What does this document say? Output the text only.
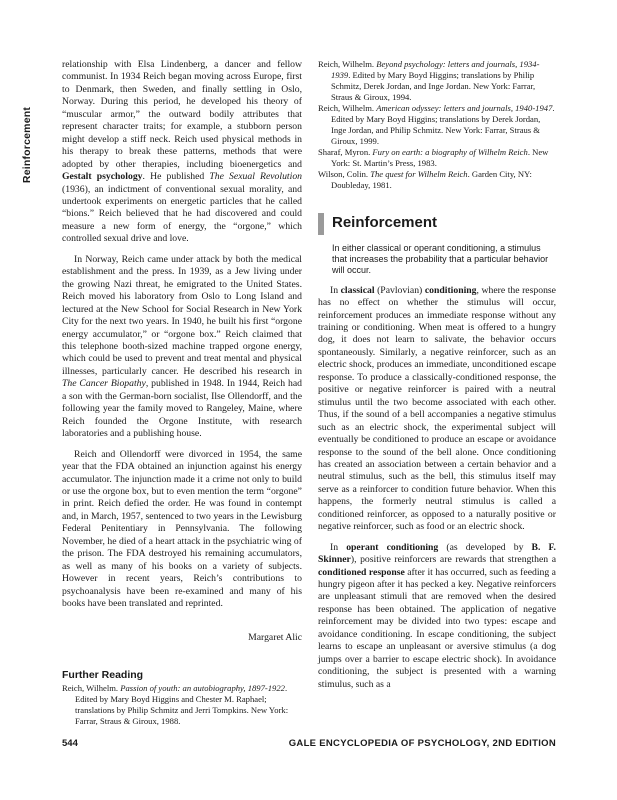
Reinforcement

relationship with Elsa Lindenberg, a dancer and fellow communist. In 1934 Reich began moving across Europe, first to Denmark, then Sweden, and finally settling in Oslo, Norway. During this period, he developed his theory of “muscular armor,” the outward bodily attributes that represent character traits; for example, a stubborn person might develop a stiff neck. Reich used physical methods in his therapy to break these patterns, methods that were adopted by other therapies, including bioenergetics and Gestalt psychology. He published The Sexual Revolution (1936), an indictment of conventional sexual morality, and undertook experiments on energetic particles that he called “bions.” Reich believed that he had discovered and could measure a new form of energy, the “orgone,” which controlled sexual drive and love.

In Norway, Reich came under attack by both the medical establishment and the press. In 1939, as a Jew living under the growing Nazi threat, he emigrated to the United States. Reich moved his laboratory from Oslo to Long Island and lectured at the New School for Social Research in New York City for the next two years. In 1940, he built his first “orgone energy accumulator,” or “orgone box.” Reich claimed that this telephone booth-sized machine trapped orgone energy, which could be used to prevent and treat mental and physical illnesses, particularly cancer. He described his research in The Cancer Biopathy, published in 1948. In 1944, Reich had a son with the German-born socialist, Ilse Ollendorff, and the following year the family moved to Rangeley, Maine, where Reich founded the Orgone Institute, with research laboratories and a publishing house.

Reich and Ollendorff were divorced in 1954, the same year that the FDA obtained an injunction against his energy accumulator. The injunction made it a crime not only to build or use the orgone box, but to even mention the term “orgone” in print. Reich defied the order. He was found in contempt and, in March, 1957, sentenced to two years in the Lewisburg Federal Penitentiary in Pennsylvania. The following November, he died of a heart attack in the psychiatric wing of the prison. The FDA destroyed his remaining accumulators, as well as many of his books on a variety of subjects. However in recent years, Reich’s contributions to psychoanalysis have been re-examined and many of his books have been translated and reprinted.

Margaret Alic

Further Reading

Reich, Wilhelm. Passion of youth: an autobiography, 1897-1922. Edited by Mary Boyd Higgins and Chester M. Raphael; translations by Philip Schmitz and Jerri Tompkins. New York: Farrar, Straus & Giroux, 1988.

Reich, Wilhelm. Beyond psychology: letters and journals, 1934-1939. Edited by Mary Boyd Higgins; translations by Philip Schmitz, Derek Jordan, and Inge Jordan. New York: Farrar, Straus & Giroux, 1994.

Reich, Wilhelm. American odyssey: letters and journals, 1940-1947. Edited by Mary Boyd Higgins; translations by Derek Jordan, Inge Jordan, and Philip Schmitz. New York: Farrar, Straus & Giroux, 1999.

Sharaf, Myron. Fury on earth: a biography of Wilhelm Reich. New York: St. Martin’s Press, 1983.

Wilson, Colin. The quest for Wilhelm Reich. Garden City, NY: Doubleday, 1981.

Reinforcement

In either classical or operant conditioning, a stimulus that increases the probability that a particular behavior will occur.

In classical (Pavlovian) conditioning, where the response has no effect on whether the stimulus will occur, reinforcement produces an immediate response without any training or conditioning. When meat is offered to a hungry dog, it does not learn to salivate, the behavior occurs spontaneously. Similarly, a negative reinforcer, such as an electric shock, produces an immediate, unconditioned escape response. To produce a classically-conditioned response, the positive or negative reinforcer is paired with a neutral stimulus until the two become associated with each other. Thus, if the sound of a bell accompanies a negative stimulus such as an electric shock, the experimental subject will eventually be conditioned to produce an escape or avoidance response to the sound of the bell alone. Once conditioning has created an association between a certain behavior and a neutral stimulus, such as the bell, this stimulus itself may serve as a reinforcer to condition future behavior. When this happens, the formerly neutral stimulus is called a conditioned reinforcer, as opposed to a naturally positive or negative reinforcer, such as food or an electric shock.

In operant conditioning (as developed by B. F. Skinner), positive reinforcers are rewards that strengthen a conditioned response after it has occurred, such as feeding a hungry pigeon after it has pecked a key. Negative reinforcers are unpleasant stimuli that are removed when the desired response has been obtained. The application of negative reinforcement may be divided into two types: escape and avoidance conditioning. In escape conditioning, the subject learns to escape an unpleasant or aversive stimulus (a dog jumps over a barrier to escape electric shock). In avoidance conditioning, the subject is presented with a warning stimulus, such as a

544	GALE ENCYCLOPEDIA OF PSYCHOLOGY, 2ND EDITION
